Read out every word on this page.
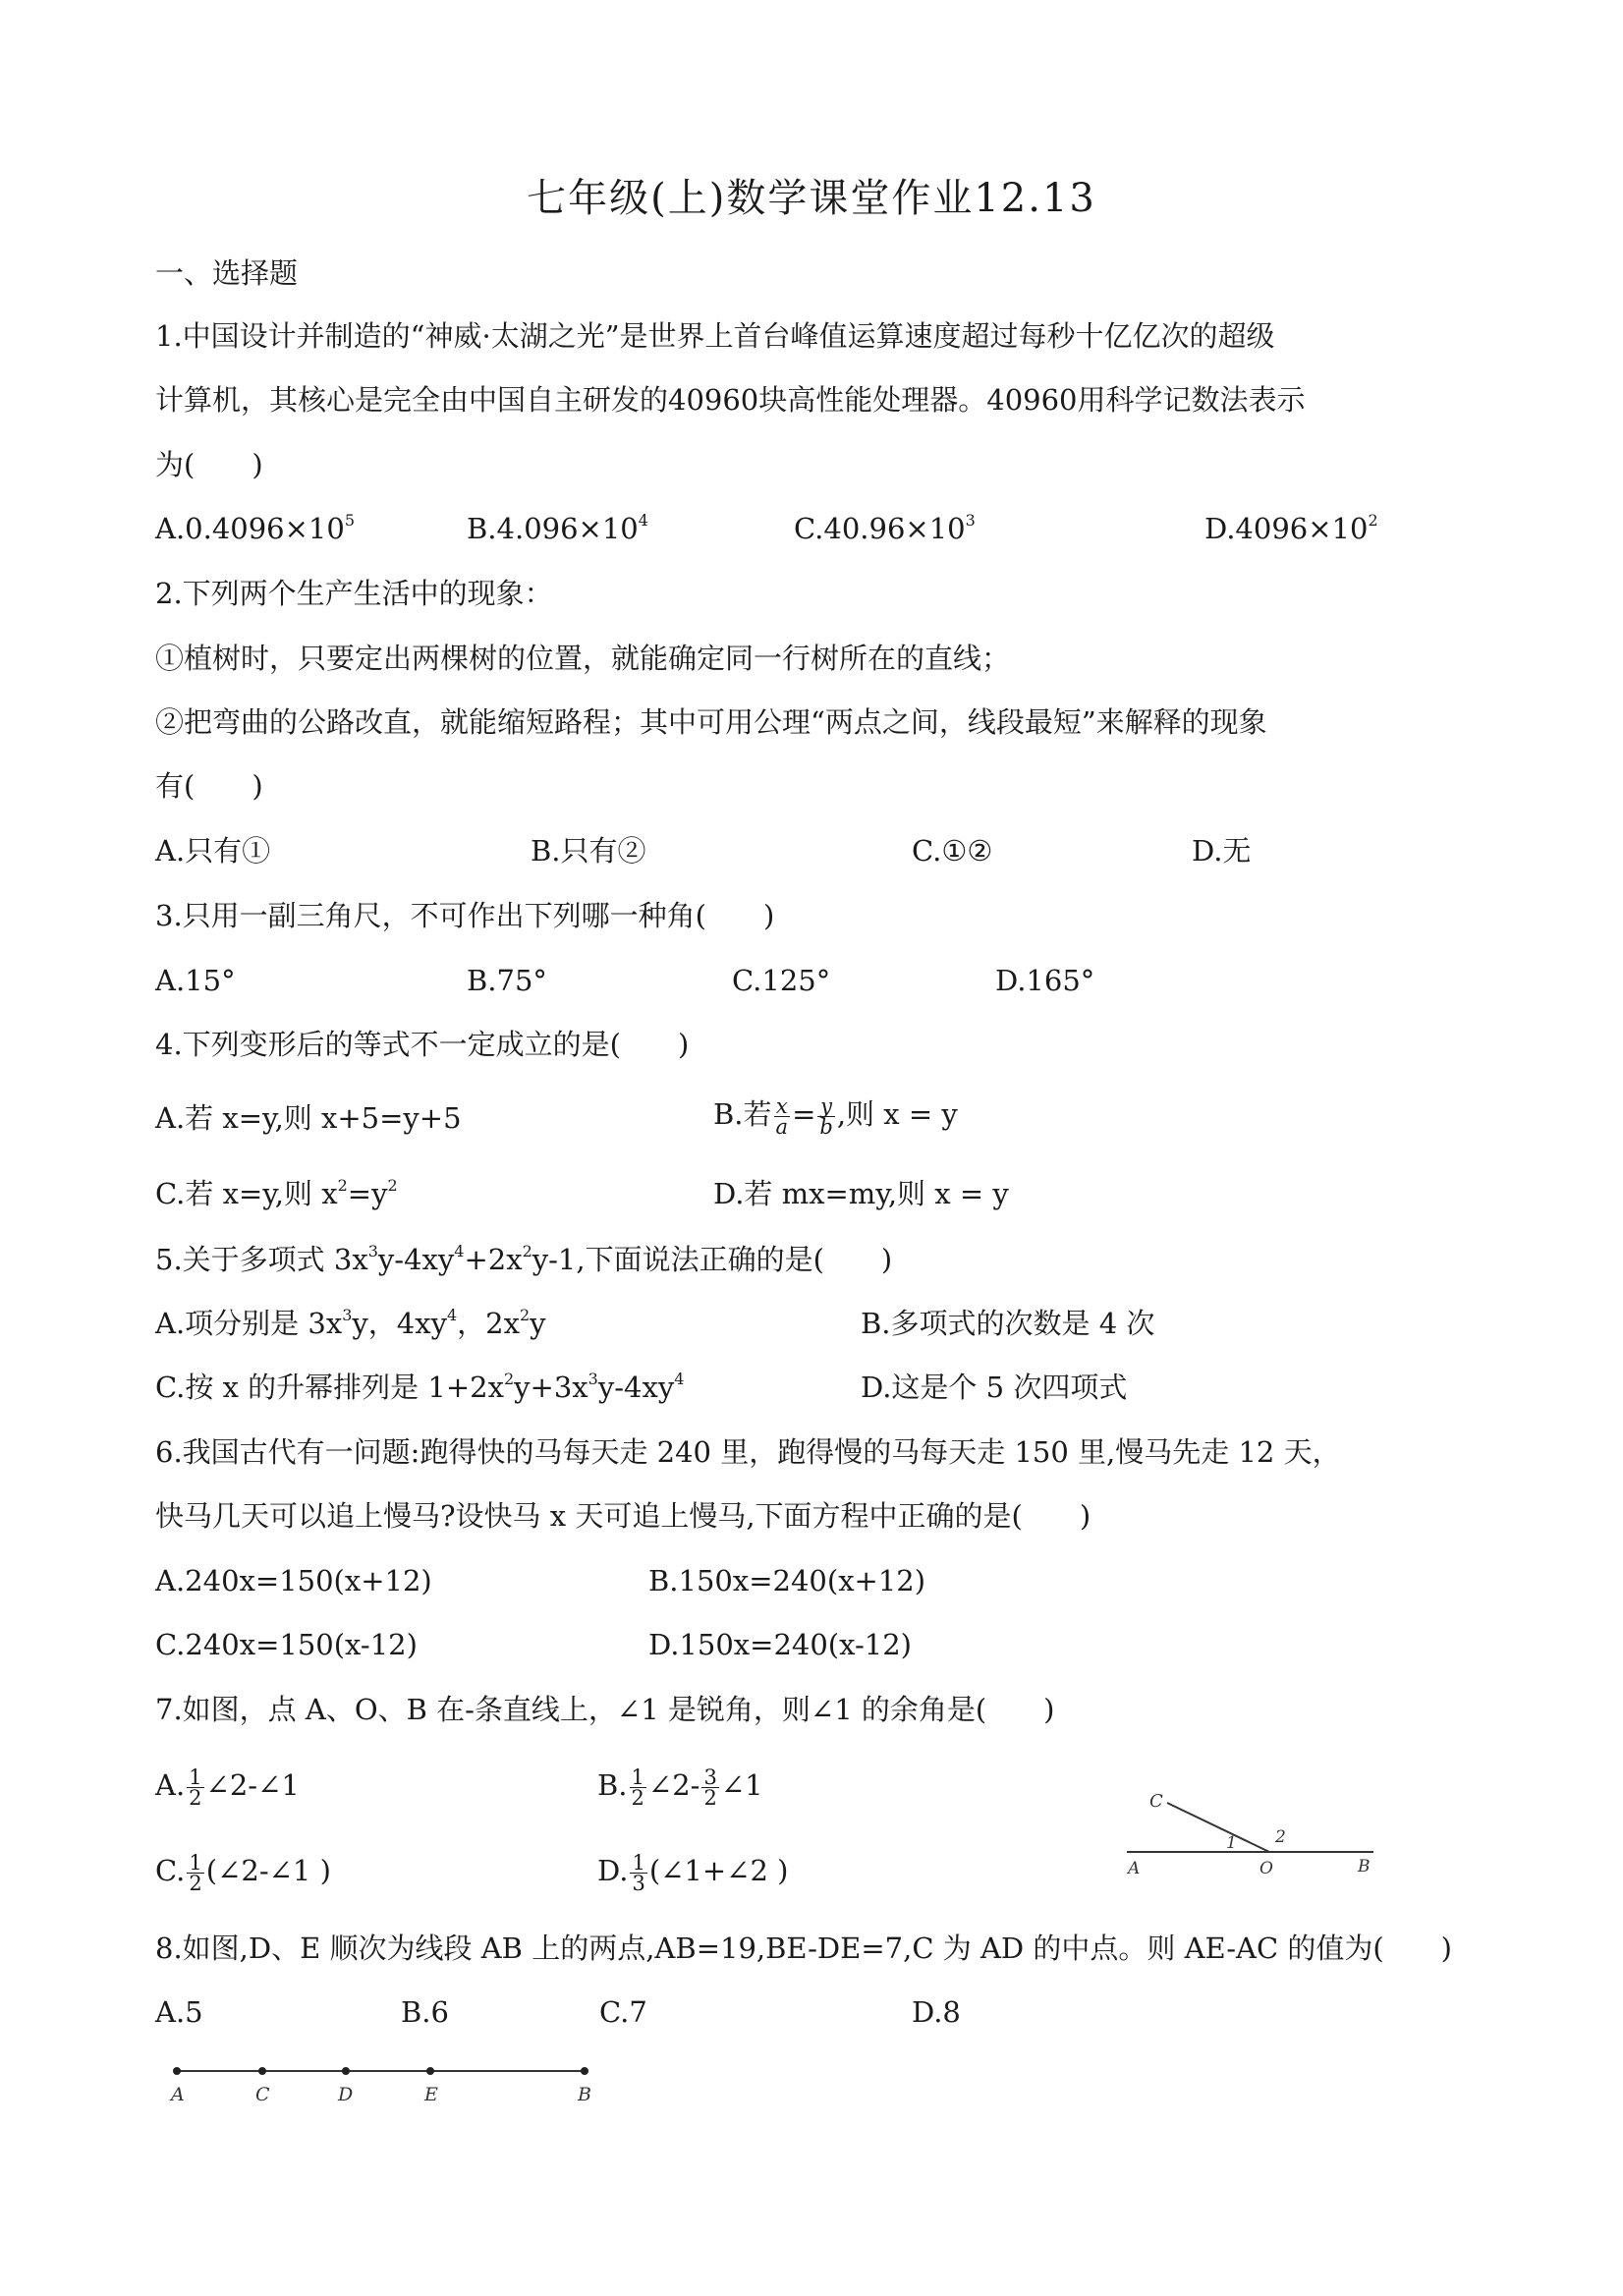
七年级(上)数学课堂作业12.13
一、选择题
1.中国设计并制造的“神威·太湖之光”是世界上首台峰值运算速度超过每秒十亿亿次的超级
计算机，其核心是完全由中国自主研发的40960块高性能处理器。40960用科学记数法表示
为(　　)
$A.0.4096\times 10^5$	$B.4.096\times 10^4$	$C.40.96\times 10^3$	$D.4096\times 10^2$
2.下列两个生产生活中的现象：
①植树时，只要定出两棵树的位置，就能确定同一行树所在的直线；
②把弯曲的公路改直，就能缩短路程；其中可用公理“两点之间，线段最短”来解释的现象
有(　　)
A.只有①	B.只有②	C.①②	D.无
3.只用一副三角尺，不可作出下列哪一种角(　　)
A.15°	B.75°	C.125°	D.165°
4.下列变形后的等式不一定成立的是(　　)
A.若 x=y,则 x+5=y+5	B.若 $\frac{x}{a} = \frac{y}{b}$ ,则 x = y
C.若 x=y,则 $x^2=y^2$	D.若 mx=my,则 x = y
5.关于多项式 $3x^3y-4xy^4+2x^2y-1$,下面说法正确的是(　　)
A.项分别是 $3x^3y$，$4xy^4$，$2x^2y$	B.多项式的次数是 4 次
C.按 x 的升幂排列是 $1+2x^2y+3x^3y-4xy^4$	D.这是个 5 次四项式
6.我国古代有一问题:跑得快的马每天走 240 里，跑得慢的马每天走 150 里,慢马先走 12 天，
快马几天可以追上慢马?设快马 x 天可追上慢马,下面方程中正确的是(　　)
A.240x=150(x+12)	B.150x=240(x+12)
C.240x=150(x-12)	D.150x=240(x-12)
7.如图，点 A、O、B 在-条直线上，∠1 是锐角，则∠1 的余角是(　　)
A. $\frac{1}{2}$ ∠2-∠1	B. $\frac{1}{2}$ ∠2- $\frac{3}{2}$ ∠1
C. $\frac{1}{2}$ (∠2-∠1 )	D. $\frac{1}{3}$ (∠1+∠2 )
C
1 2
A	O	B
8.如图,D、E 顺次为线段 AB 上的两点,AB=19,BE-DE=7,C 为 AD 的中点。则 AE-AC 的值为(　　)
A.5	B.6	C.7	D.8
A	C	D	E	B
